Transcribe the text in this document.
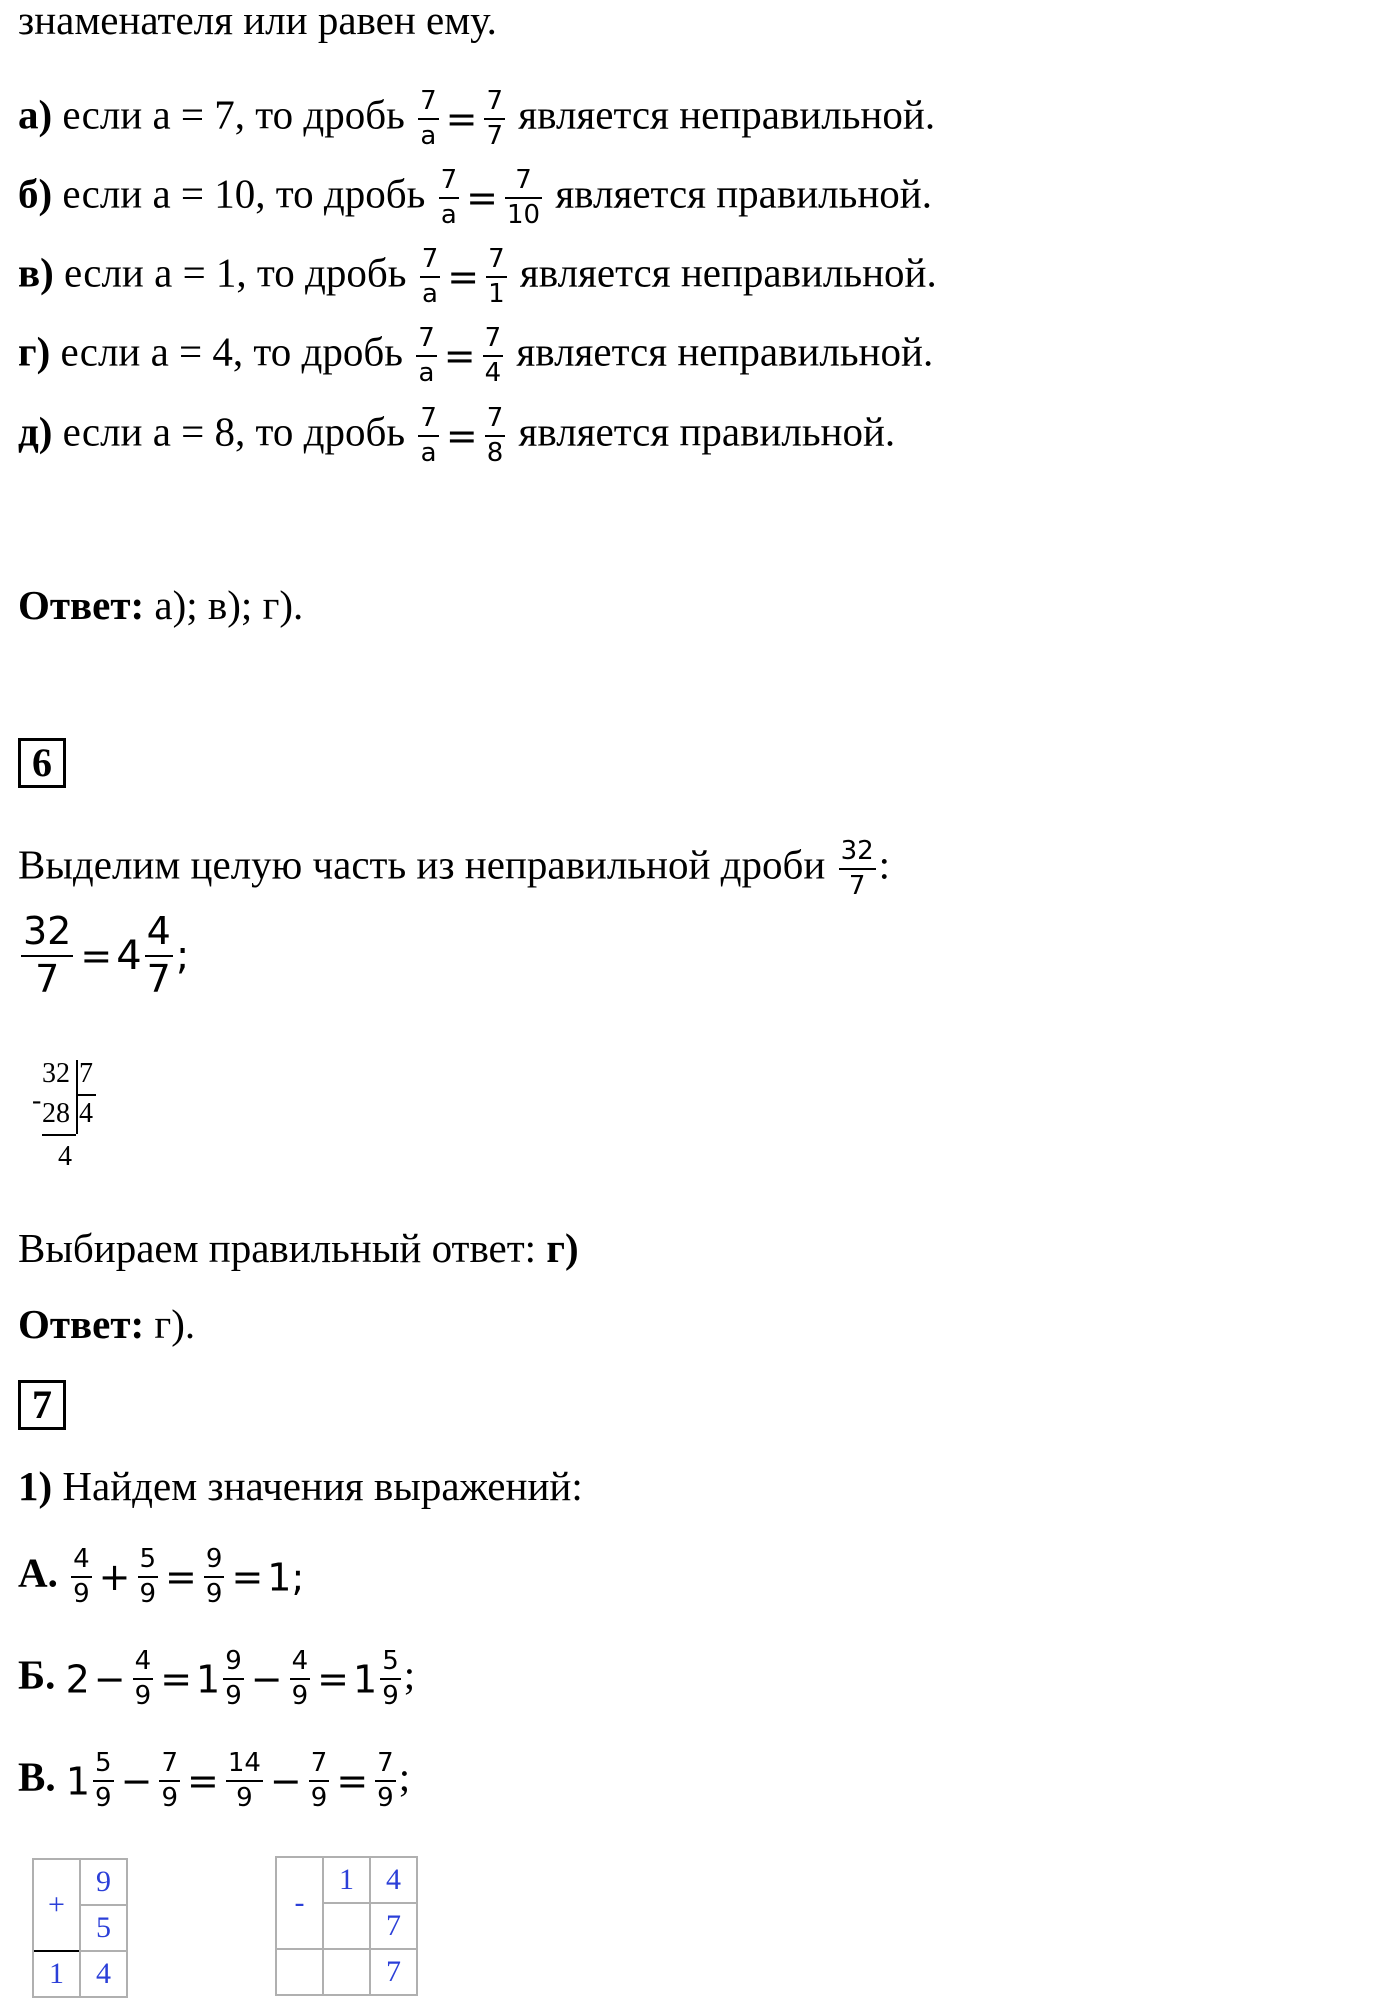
знаменателя или равен ему.
а) если а = 7, то дробь $\frac{7}{а} = \frac{7}{7}$ является неправильной.
б) если а = 10, то дробь $\frac{7}{а} = \frac{7}{10}$ является правильной.
в) если а = 1, то дробь $\frac{7}{а} = \frac{7}{1}$ является неправильной.
г) если а = 4, то дробь $\frac{7}{а} = \frac{7}{4}$ является неправильной.
д) если а = 8, то дробь $\frac{7}{а} = \frac{7}{8}$ является правильной.
Ответ: а); в); г).
6
Выделим целую часть из неправильной дроби $\frac{32}{7}$ :
$\frac{32}{7} = 4 \frac{4}{7}$ ;
-
32 7
28 4
4
Выбираем правильный ответ: г)
Ответ: г).
7
1) Найдем значения выражений:
А. $\frac{4}{9} + \frac{5}{9} = \frac{9}{9} = 1$;
Б. $2 - \frac{4}{9} = 1 \frac{9}{9} - \frac{4}{9} = 1 \frac{5}{9}$ ;
В. $1 \frac{5}{9} - \frac{7}{9} = \frac{14}{9} - \frac{7}{9} = \frac{7}{9}$ ;
+	9
	5
1	4
-	1	4
		7
		7
